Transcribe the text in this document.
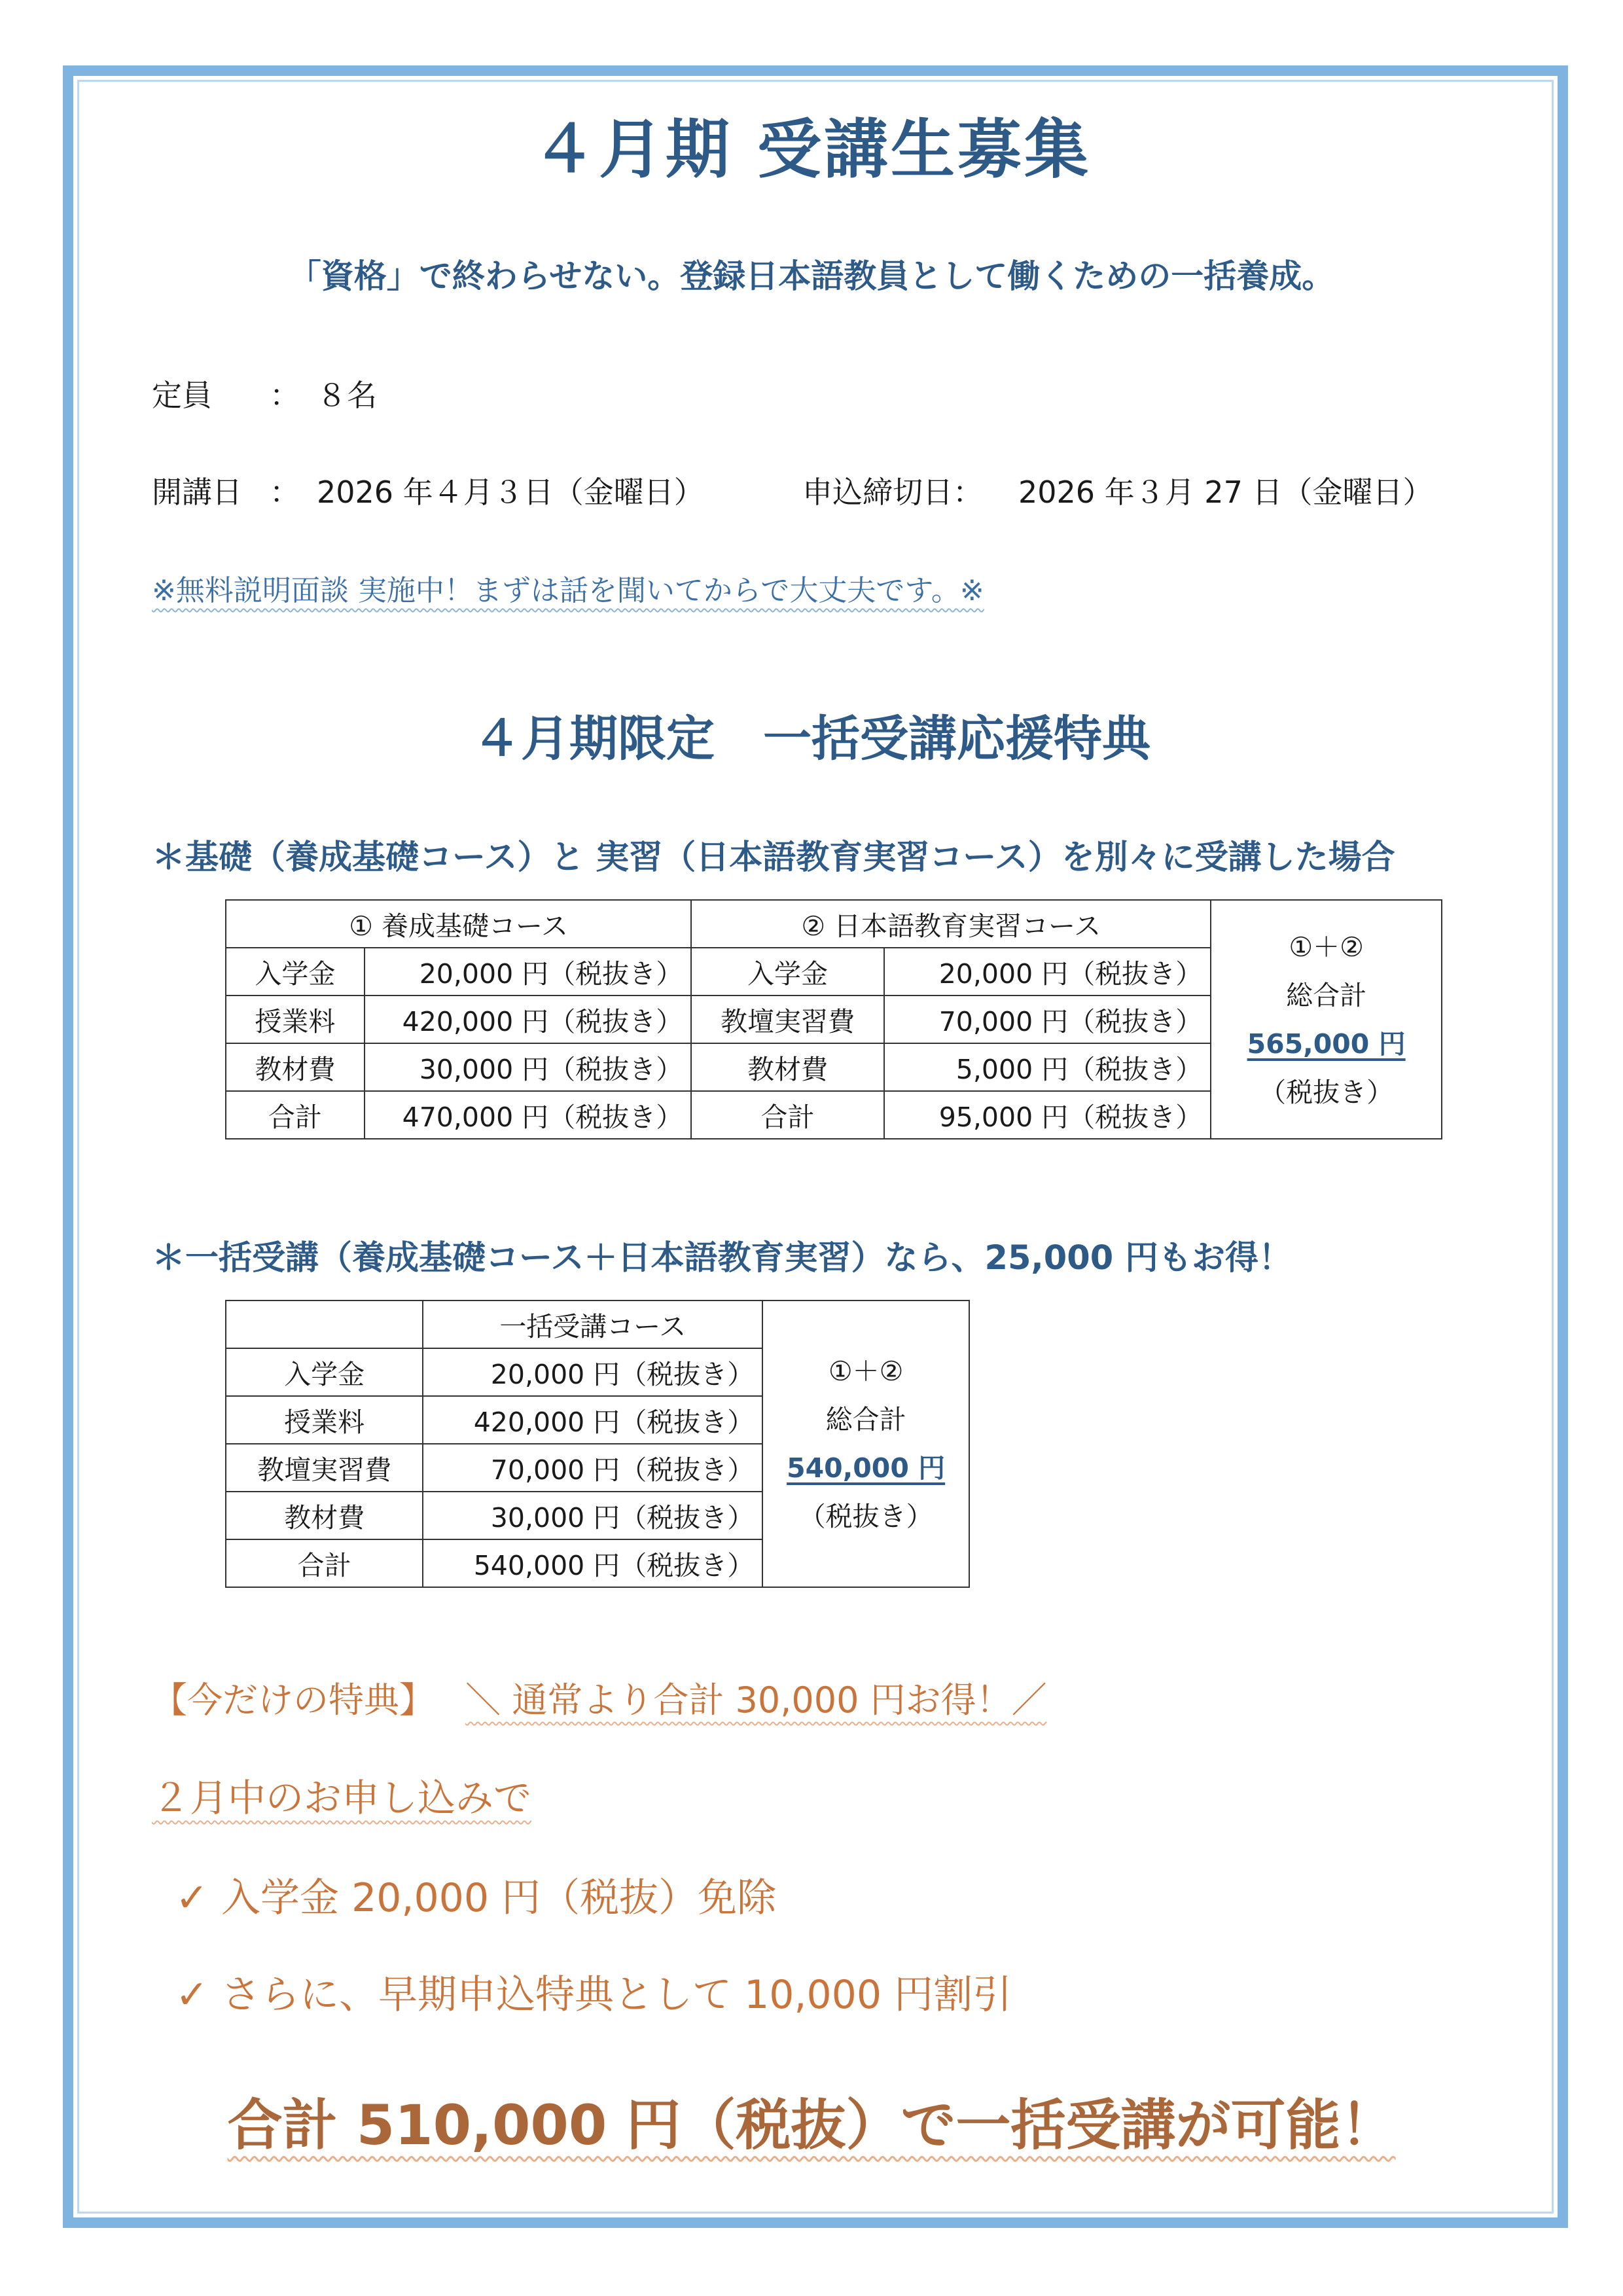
４月期 受講生募集
「資格」で終わらせない。登録日本語教員として働くための一括養成。
定員 ： ８名
開講日 ： 2026 年４月３日（金曜日）	申込締切日： 2026 年３月 27 日（金曜日）
※無料説明面談 実施中！まずは話を聞いてからで大丈夫です。※
４月期限定　一括受講応援特典
＊基礎（養成基礎コース）と 実習（日本語教育実習コース）を別々に受講した場合
① 養成基礎コース		② 日本語教育実習コース		①＋②
総合計
565,000 円
（税抜き）

入学金	20,000 円（税抜き）	入学金	20,000 円（税抜き）	
授業料	420,000 円（税抜き）	教壇実習費	70,000 円（税抜き）	
教材費	30,000 円（税抜き）	教材費	5,000 円（税抜き）	
合計	470,000 円（税抜き）	合計	95,000 円（税抜き）	
＊一括受講（養成基礎コース＋日本語教育実習）なら、25,000 円もお得！
	一括受講コース	①＋②
総合計
540,000 円
（税抜き）

入学金	20,000 円（税抜き）	
授業料	420,000 円（税抜き）	
教壇実習費	70,000 円（税抜き）	
教材費	30,000 円（税抜き）	
合計	540,000 円（税抜き）	
【今だけの特典】 ＼ 通常より合計 30,000 円お得！／
２月中のお申し込みで
✓ 入学金 20,000 円（税抜）免除
✓ さらに、早期申込特典として 10,000 円割引
合計 510,000 円（税抜）で一括受講が可能！
